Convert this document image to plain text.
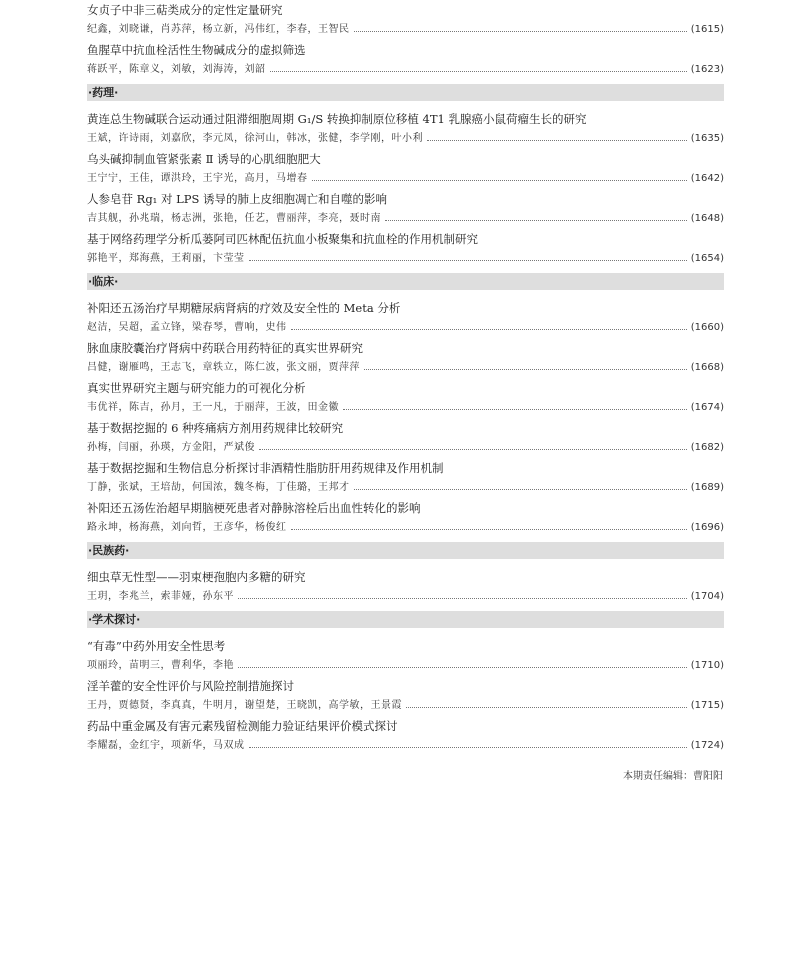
女贞子中非三萜类成分的定性定量研究
纪鑫，刘晓谦，肖苏萍，杨立新，冯伟红，李春，王智民	(1615)
鱼腥草中抗血栓活性生物碱成分的虚拟筛选
蒋跃平，陈章义，刘敏，刘海涛，刘韶	(1623)
·药理·
黄连总生物碱联合运动通过阻滞细胞周期 G₁/S 转换抑制原位移植 4T1 乳腺癌小鼠荷瘤生长的研究
王斌，许诗雨，刘嘉欣，李元凤，徐河山，韩冰，张健，李学刚，叶小利	(1635)
乌头碱抑制血管紧张素 Ⅱ 诱导的心肌细胞肥大
王宁宁，王佳，谭洪玲，王宇光，高月，马增春	(1642)
人参皂苷 Rg₁ 对 LPS 诱导的肺上皮细胞凋亡和自噬的影响
吉其舰，孙兆瑞，杨志洲，张艳，任艺，曹丽萍，李亮，聂时南	(1648)
基于网络药理学分析瓜蒌阿司匹林配伍抗血小板聚集和抗血栓的作用机制研究
郭艳平，郑海燕，王莉丽，卞莹莹	(1654)
·临床·
补阳还五汤治疗早期糖尿病肾病的疗效及安全性的 Meta 分析
赵洁，吴超，孟立锋，梁春琴，曹响，史伟	(1660)
脉血康胶囊治疗肾病中药联合用药特征的真实世界研究
吕健，谢雁鸣，王志飞，章轶立，陈仁波，张文丽，贾萍萍	(1668)
真实世界研究主题与研究能力的可视化分析
韦优祥，陈吉，孙月，王一凡，于丽萍，王波，田金徽	(1674)
基于数据挖掘的 6 种疼痛病方剂用药规律比较研究
孙梅，闫丽，孙瑛，方金阳，严斌俊	(1682)
基于数据挖掘和生物信息分析探讨非酒精性脂肪肝用药规律及作用机制
丁静，张斌，王培劼，何国浓，魏冬梅，丁佳璐，王邦才	(1689)
补阳还五汤佐治超早期脑梗死患者对静脉溶栓后出血性转化的影响
路永坤，杨海燕，刘向哲，王彦华，杨俊红	(1696)
·民族药·
细虫草无性型——羽束梗孢胞内多糖的研究
王玥，李兆兰，索菲娅，孙东平	(1704)
·学术探讨·
“有毒”中药外用安全性思考
项丽玲，苗明三，曹利华，李艳	(1710)
淫羊藿的安全性评价与风险控制措施探讨
王丹，贾德贤，李真真，牛明月，谢望楚，王晓凯，高学敏，王景霞	(1715)
药品中重金属及有害元素残留检测能力验证结果评价模式探讨
李耀磊，金红宇，项新华，马双成	(1724)
本期责任编辑：曹阳阳
